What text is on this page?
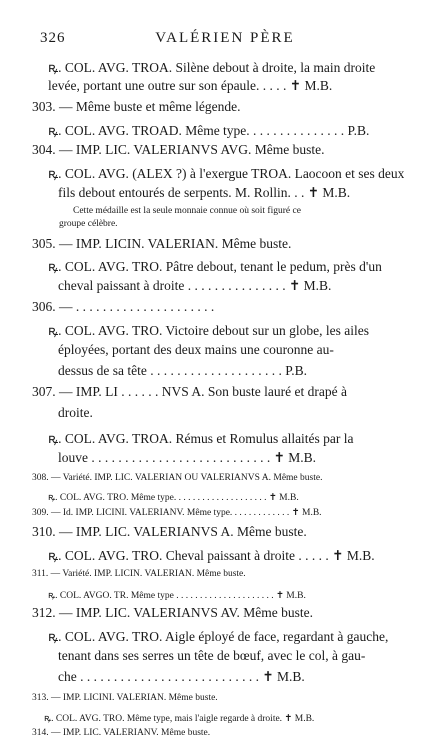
326	VALÉRIEN PÈRE
ꝶ. COL. AVG. TROA. Silène debout à droite, la main droite
levée, portant une outre sur son épaule. . . . . ✝ M.B.
303. — Même buste et même légende.
ꝶ. COL. AVG. TROAD. Même type. . . . . . . . . . . . . . . P.B.
304. — IMP. LIC. VALERIANVS AVG. Même buste.
ꝶ. COL. AVG. (ALEX ?) à l'exergue TROA. Laocoon et ses deux
fils debout entourés de serpents. M. Rollin. . . ✝ M.B.
Cette médaille est la seule monnaie connue où soit figuré ce
groupe célèbre.
305. — IMP. LICIN. VALERIAN. Même buste.
ꝶ. COL. AVG. TRO. Pâtre debout, tenant le pedum, près d'un
cheval paissant à droite . . . . . . . . . . . . . . . ✝ M.B.
306. — . . . . . . . . . . . . . . . . . . . . .
ꝶ. COL. AVG. TRO. Victoire debout sur un globe, les ailes
éployées, portant des deux mains une couronne au-
dessus de sa tête . . . . . . . . . . . . . . . . . . . . P.B.
307. — IMP. LI . . . . . . NVS A. Son buste lauré et drapé à
droite.
ꝶ. COL. AVG. TROA. Rémus et Romulus allaités par la
louve . . . . . . . . . . . . . . . . . . . . . . . . . . . ✝ M.B.
308. — Variété. IMP. LIC. VALERIAN OU VALERIANVS A. Même buste.
ꝶ. COL. AVG. TRO. Même type. . . . . . . . . . . . . . . . . . . . ✝ M.B.
309. — Id. IMP. LICINI. VALERIANV. Même type. . . . . . . . . . . . . ✝ M.B.
310. — IMP. LIC. VALERIANVS A. Même buste.
ꝶ. COL. AVG. TRO. Cheval paissant à droite . . . . . ✝ M.B.
311. — Variété. IMP. LICIN. VALERIAN. Même buste.
ꝶ. COL. AVGO. TR. Même type . . . . . . . . . . . . . . . . . . . . . ✝ M.B.
312. — IMP. LIC. VALERIANVS AV. Même buste.
ꝶ. COL. AVG. TRO. Aigle éployé de face, regardant à gauche,
tenant dans ses serres un tête de bœuf, avec le col, à gau-
che . . . . . . . . . . . . . . . . . . . . . . . . . . . ✝ M.B.
313. — IMP. LICINI. VALERIAN. Même buste.
ꝶ. COL. AVG. TRO. Même type, mais l'aigle regarde à droite. ✝ M.B.
314. — IMP. LIC. VALERIANV. Même buste.
